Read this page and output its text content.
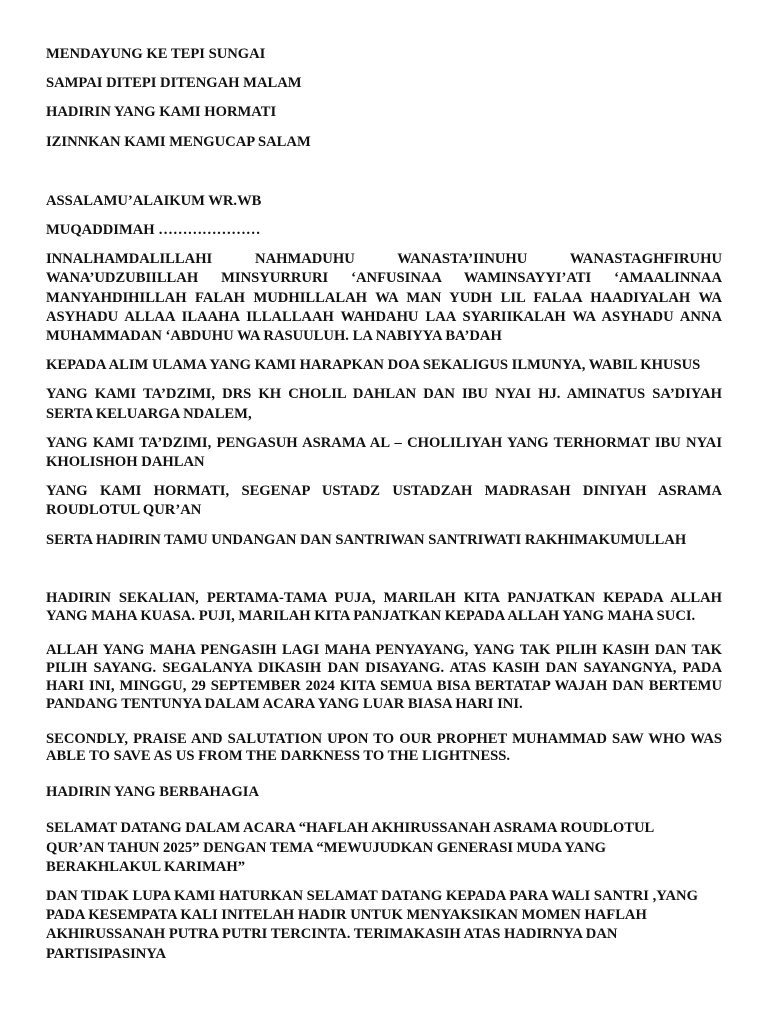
MENDAYUNG KE TEPI SUNGAI

SAMPAI DITEPI DITENGAH MALAM

HADIRIN YANG KAMI HORMATI

IZINNKAN KAMI MENGUCAP SALAM

ASSALAMU’ALAIKUM WR.WB

MUQADDIMAH …………………

INNALHAMDALILLAHI NAHMADUHU WANASTA’IINUHU WANASTAGHFIRUHU WANA’UDZUBIILLAH MINSYURRURI ‘ANFUSINAA WAMINSAYYI’ATI ‘AMAALINNAA MANYAHDIHILLAH FALAH MUDHILLALAH WA MAN YUDH LIL FALAA HAADIYALAH WA ASYHADU ALLAA ILAAHA ILLALLAAH WAHDAHU LAA SYARIIKALAH WA ASYHADU ANNA MUHAMMADAN ‘ABDUHU WA RASUULUH. LA NABIYYA BA’DAH

KEPADA ALIM ULAMA YANG KAMI HARAPKAN DOA SEKALIGUS ILMUNYA, WABIL KHUSUS

YANG KAMI TA’DZIMI, DRS KH CHOLIL DAHLAN DAN IBU NYAI HJ. AMINATUS SA’DIYAH SERTA KELUARGA NDALEM,

YANG KAMI TA’DZIMI, PENGASUH ASRAMA AL – CHOLILIYAH YANG TERHORMAT IBU NYAI KHOLISHOH DAHLAN

YANG KAMI HORMATI, SEGENAP USTADZ USTADZAH MADRASAH DINIYAH ASRAMA ROUDLOTUL QUR’AN

SERTA HADIRIN TAMU UNDANGAN DAN SANTRIWAN SANTRIWATI RAKHIMAKUMULLAH

HADIRIN SEKALIAN, PERTAMA-TAMA PUJA, MARILAH KITA PANJATKAN KEPADA ALLAH YANG MAHA KUASA. PUJI, MARILAH KITA PANJATKAN KEPADA ALLAH YANG MAHA SUCI.

ALLAH YANG MAHA PENGASIH LAGI MAHA PENYAYANG, YANG TAK PILIH KASIH DAN TAK PILIH SAYANG. SEGALANYA DIKASIH DAN DISAYANG. ATAS KASIH DAN SAYANGNYA, PADA HARI INI, MINGGU, 29 SEPTEMBER 2024 KITA SEMUA BISA BERTATAP WAJAH DAN BERTEMU PANDANG TENTUNYA DALAM ACARA YANG LUAR BIASA HARI INI.

SECONDLY, PRAISE AND SALUTATION UPON TO OUR PROPHET MUHAMMAD SAW WHO WAS ABLE TO SAVE AS US FROM THE DARKNESS TO THE LIGHTNESS.

HADIRIN YANG BERBAHAGIA

SELAMAT DATANG DALAM ACARA “HAFLAH AKHIRUSSANAH ASRAMA ROUDLOTUL
QUR’AN TAHUN 2025” DENGAN TEMA “MEWUJUDKAN GENERASI MUDA YANG
BERAKHLAKUL KARIMAH”
DAN TIDAK LUPA KAMI HATURKAN SELAMAT DATANG KEPADA PARA WALI SANTRI ,YANG
PADA KESEMPATA KALI INITELAH HADIR UNTUK MENYAKSIKAN MOMEN HAFLAH
AKHIRUSSANAH PUTRA PUTRI TERCINTA. TERIMAKASIH ATAS HADIRNYA DAN
PARTISIPASINYA
